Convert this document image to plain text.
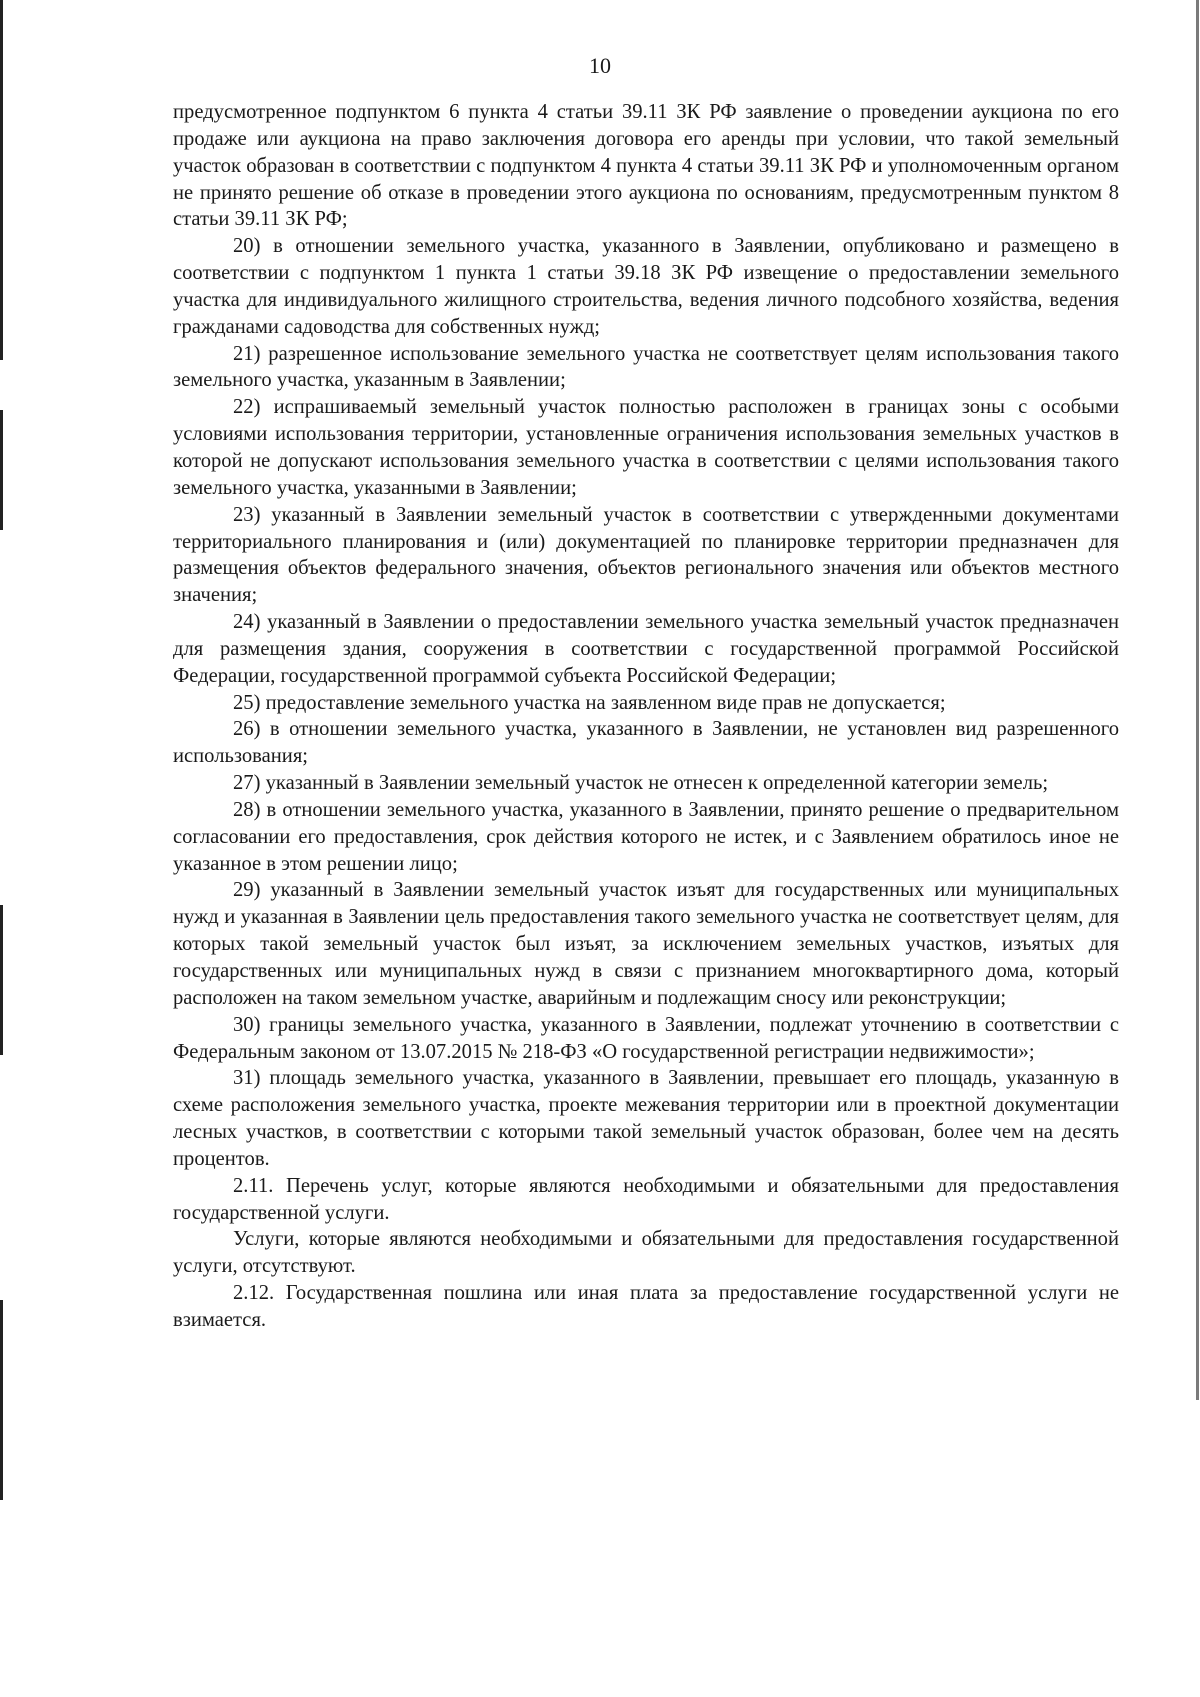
10

предусмотренное подпунктом 6 пункта 4 статьи 39.11 ЗК РФ заявление о проведении аукциона по его продаже или аукциона на право заключения договора его аренды при условии, что такой земельный участок образован в соответствии с подпунктом 4 пункта 4 статьи 39.11 ЗК РФ и уполномоченным органом не принято решение об отказе в проведении этого аукциона по основаниям, предусмотренным пунктом 8 статьи 39.11 ЗК РФ;

20) в отношении земельного участка, указанного в Заявлении, опубликовано и размещено в соответствии с подпунктом 1 пункта 1 статьи 39.18 ЗК РФ извещение о предоставлении земельного участка для индивидуального жилищного строительства, ведения личного подсобного хозяйства, ведения гражданами садоводства для собственных нужд;

21) разрешенное использование земельного участка не соответствует целям использования такого земельного участка, указанным в Заявлении;

22) испрашиваемый земельный участок полностью расположен в границах зоны с особыми условиями использования территории, установленные ограничения использования земельных участков в которой не допускают использования земельного участка в соответствии с целями использования такого земельного участка, указанными в Заявлении;

23) указанный в Заявлении земельный участок в соответствии с утвержденными документами территориального планирования и (или) документацией по планировке территории предназначен для размещения объектов федерального значения, объектов регионального значения или объектов местного значения;

24) указанный в Заявлении о предоставлении земельного участка земельный участок предназначен для размещения здания, сооружения в соответствии с государственной программой Российской Федерации, государственной программой субъекта Российской Федерации;

25) предоставление земельного участка на заявленном виде прав не допускается;

26) в отношении земельного участка, указанного в Заявлении, не установлен вид разрешенного использования;

27) указанный в Заявлении земельный участок не отнесен к определенной категории земель;

28) в отношении земельного участка, указанного в Заявлении, принято решение о предварительном согласовании его предоставления, срок действия которого не истек, и с Заявлением обратилось иное не указанное в этом решении лицо;

29) указанный в Заявлении земельный участок изъят для государственных или муниципальных нужд и указанная в Заявлении цель предоставления такого земельного участка не соответствует целям, для которых такой земельный участок был изъят, за исключением земельных участков, изъятых для государственных или муниципальных нужд в связи с признанием многоквартирного дома, который расположен на таком земельном участке, аварийным и подлежащим сносу или реконструкции;

30) границы земельного участка, указанного в Заявлении, подлежат уточнению в соответствии с Федеральным законом от 13.07.2015 № 218-ФЗ «О государственной регистрации недвижимости»;

31) площадь земельного участка, указанного в Заявлении, превышает его площадь, указанную в схеме расположения земельного участка, проекте межевания территории или в проектной документации лесных участков, в соответствии с которыми такой земельный участок образован, более чем на десять процентов.

2.11. Перечень услуг, которые являются необходимыми и обязательными для предоставления государственной услуги.

Услуги, которые являются необходимыми и обязательными для предоставления государственной услуги, отсутствуют.

2.12. Государственная пошлина или иная плата за предоставление государственной услуги не взимается.
